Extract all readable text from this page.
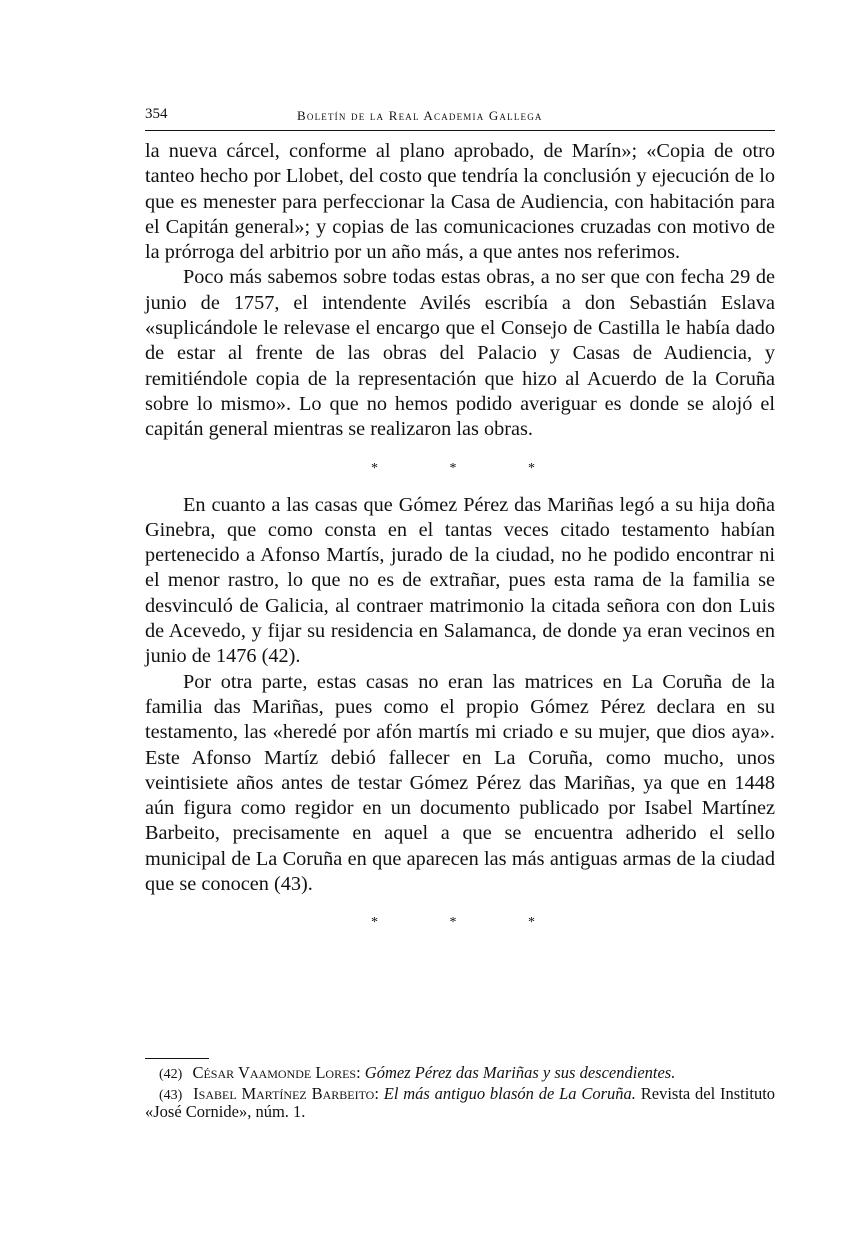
354	Boletín de la Real Academia Gallega

la nueva cárcel, conforme al plano aprobado, de Marín»; «Copia de otro tanteo hecho por Llobet, del costo que tendría la conclusión y ejecución de lo que es menester para perfeccionar la Casa de Audiencia, con habitación para el Capitán general»; y copias de las comunicaciones cruzadas con motivo de la prórroga del arbitrio por un año más, a que antes nos referimos.

Poco más sabemos sobre todas estas obras, a no ser que con fecha 29 de junio de 1757, el intendente Avilés escribía a don Sebastián Eslava «suplicándole le relevase el encargo que el Consejo de Castilla le había dado de estar al frente de las obras del Palacio y Casas de Audiencia, y remitiéndole copia de la representación que hizo al Acuerdo de la Coruña sobre lo mismo». Lo que no hemos podido averiguar es donde se alojó el capitán general mientras se realizaron las obras.

* * *

En cuanto a las casas que Gómez Pérez das Mariñas legó a su hija doña Ginebra, que como consta en el tantas veces citado testamento habían pertenecido a Afonso Martís, jurado de la ciudad, no he podido encontrar ni el menor rastro, lo que no es de extrañar, pues esta rama de la familia se desvinculó de Galicia, al contraer matrimonio la citada señora con don Luis de Acevedo, y fijar su residencia en Salamanca, de donde ya eran vecinos en junio de 1476 (42).

Por otra parte, estas casas no eran las matrices en La Coruña de la familia das Mariñas, pues como el propio Gómez Pérez declara en su testamento, las «heredé por afón martís mi criado e su mujer, que dios aya». Este Afonso Martíz debió fallecer en La Coruña, como mucho, unos veintisiete años antes de testar Gómez Pérez das Mariñas, ya que en 1448 aún figura como regidor en un documento publicado por Isabel Martínez Barbeito, precisamente en aquel a que se encuentra adherido el sello municipal de La Coruña en que aparecen las más antiguas armas de la ciudad que se conocen (43).

* * *

(42) César Vaamonde Lores: Gómez Pérez das Mariñas y sus descendientes.

(43) Isabel Martínez Barbeito: El más antiguo blasón de La Coruña. Revista del Instituto «José Cornide», núm. 1.
